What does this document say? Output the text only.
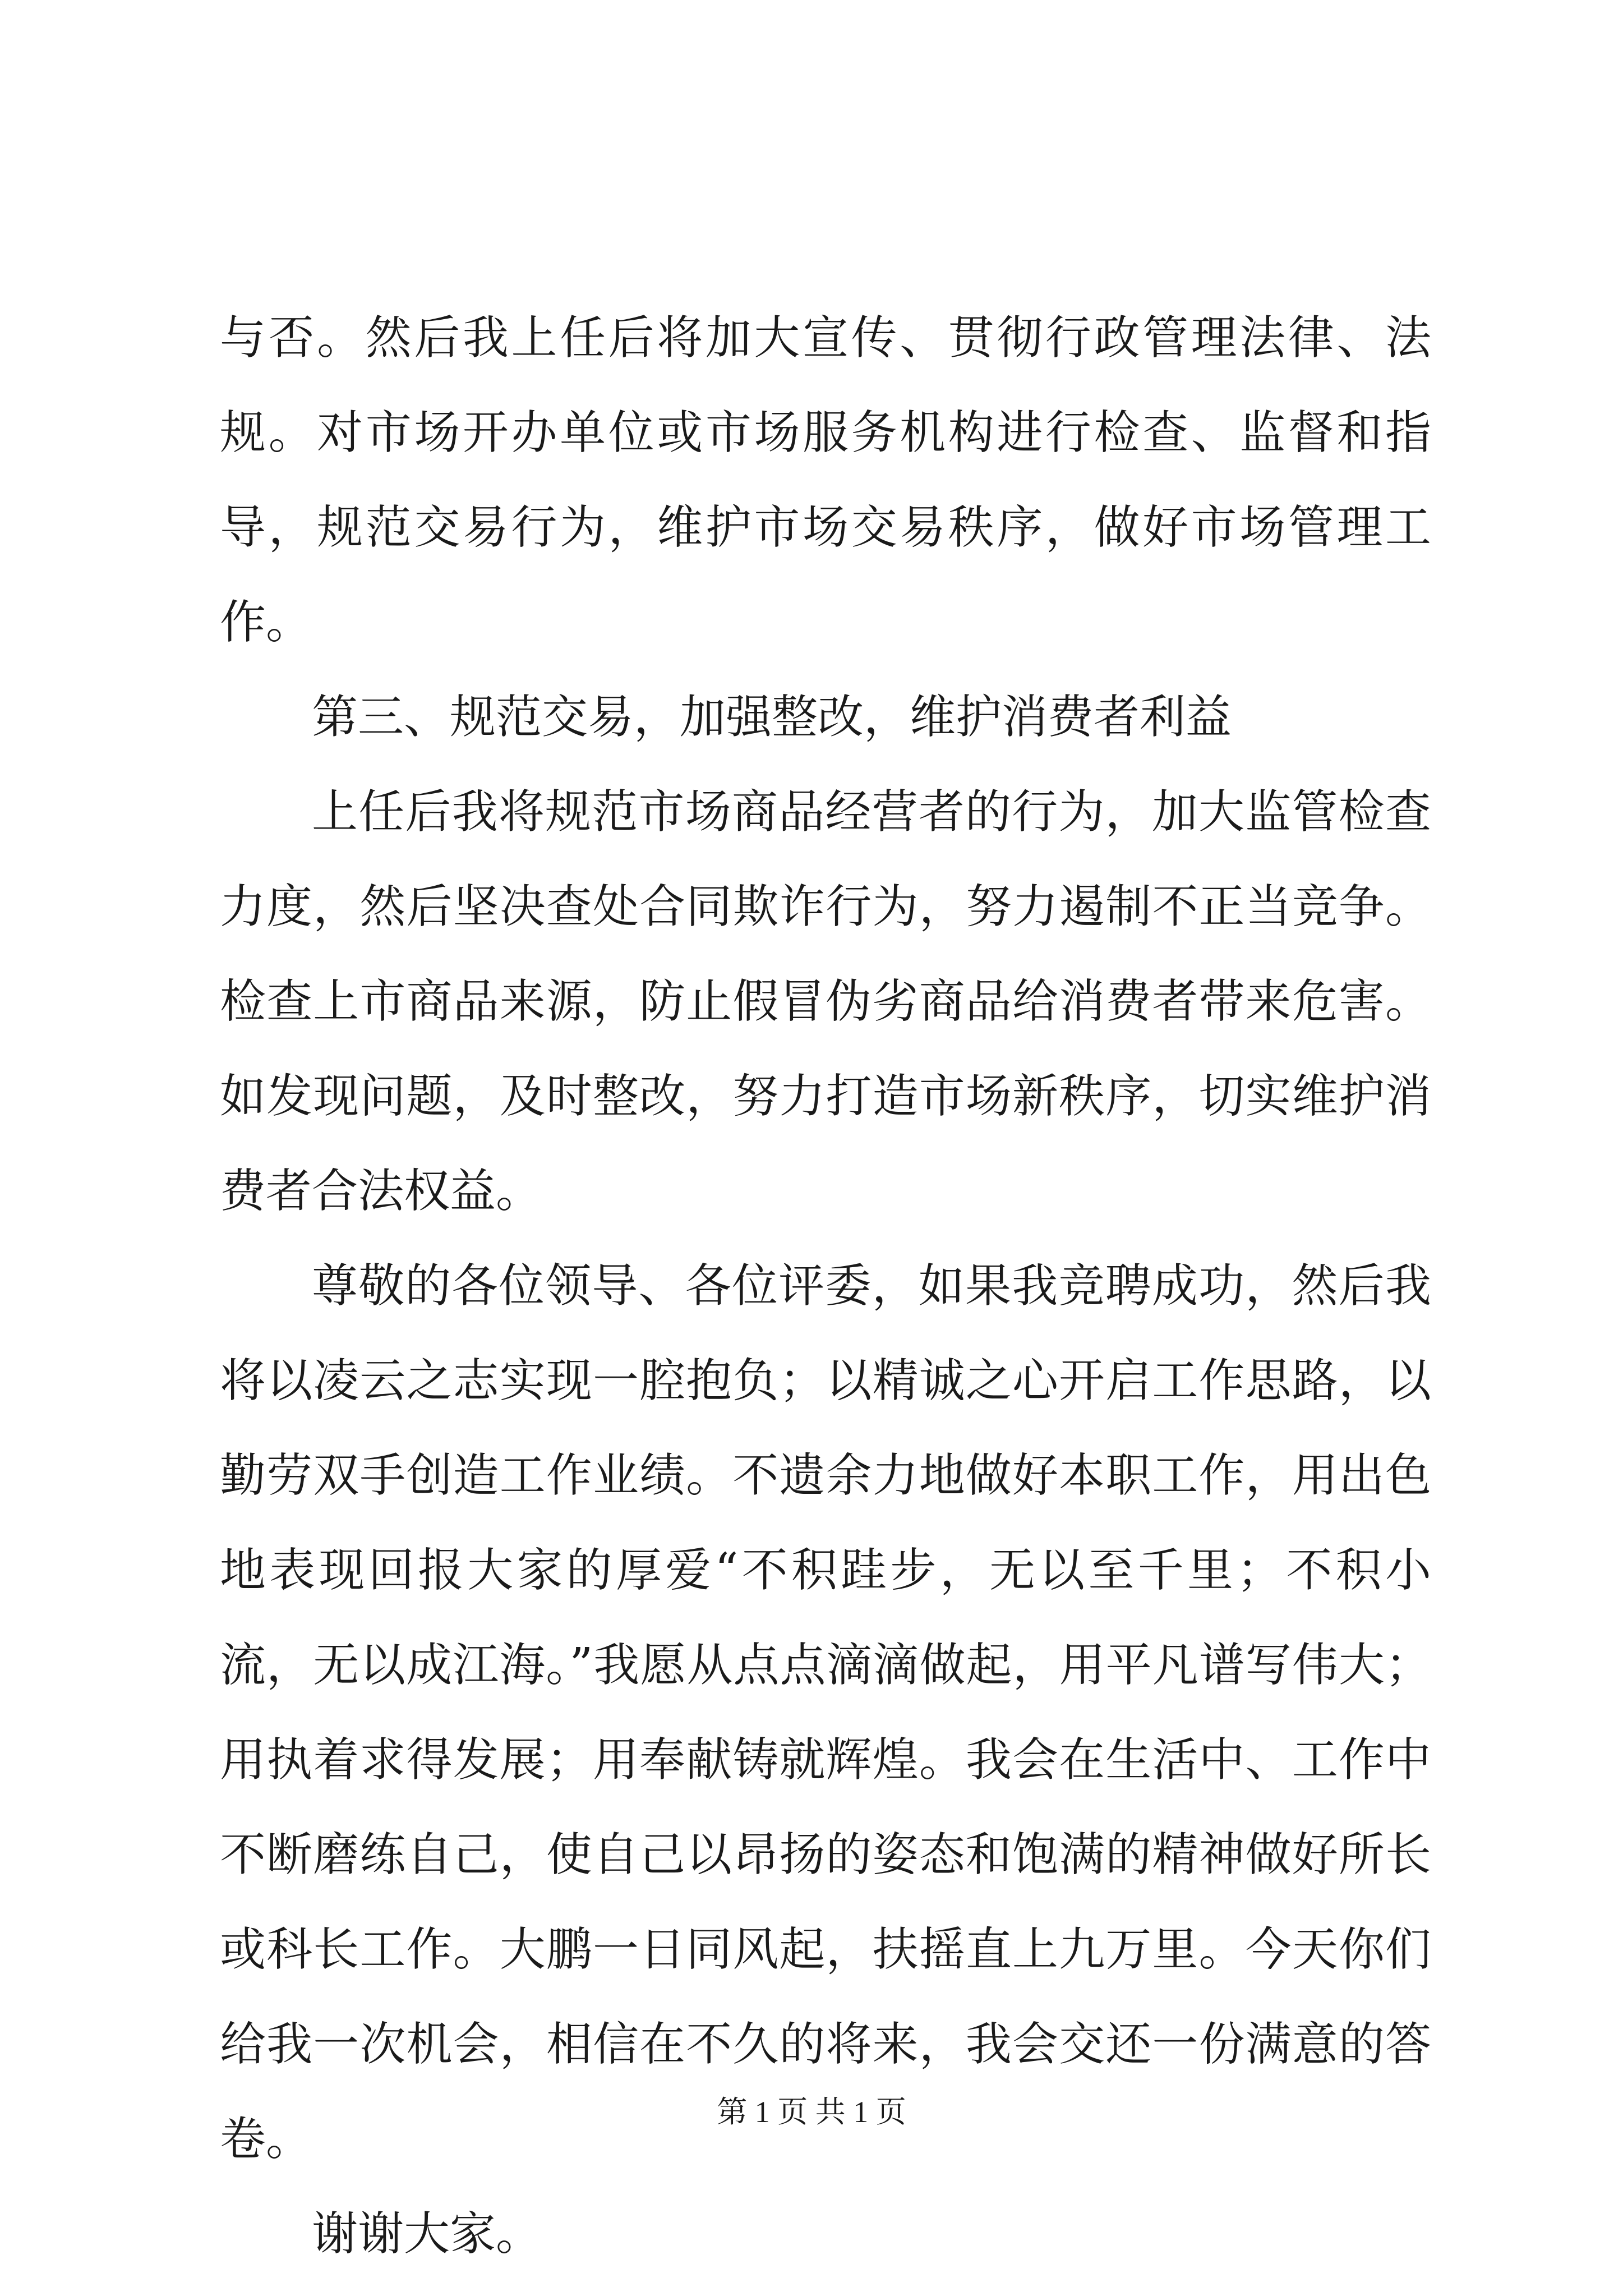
与否。然后我上任后将加大宣传、贯彻行政管理法律、法规。对市场开办单位或市场服务机构进行检查、监督和指导，规范交易行为，维护市场交易秩序，做好市场管理工作。

第三、规范交易，加强整改，维护消费者利益

上任后我将规范市场商品经营者的行为，加大监管检查力度，然后坚决查处合同欺诈行为，努力遏制不正当竞争。检查上市商品来源，防止假冒伪劣商品给消费者带来危害。如发现问题，及时整改，努力打造市场新秩序，切实维护消费者合法权益。

尊敬的各位领导、各位评委，如果我竞聘成功，然后我将以凌云之志实现一腔抱负；以精诚之心开启工作思路，以勤劳双手创造工作业绩。不遗余力地做好本职工作，用出色地表现回报大家的厚爱“不积跬步，无以至千里；不积小流，无以成江海。”我愿从点点滴滴做起，用平凡谱写伟大；用执着求得发展；用奉献铸就辉煌。我会在生活中、工作中不断磨练自己，使自己以昂扬的姿态和饱满的精神做好所长或科长工作。大鹏一日同风起，扶摇直上九万里。今天你们给我一次机会，相信在不久的将来，我会交还一份满意的答卷。

谢谢大家。

第 1 页 共 1 页
